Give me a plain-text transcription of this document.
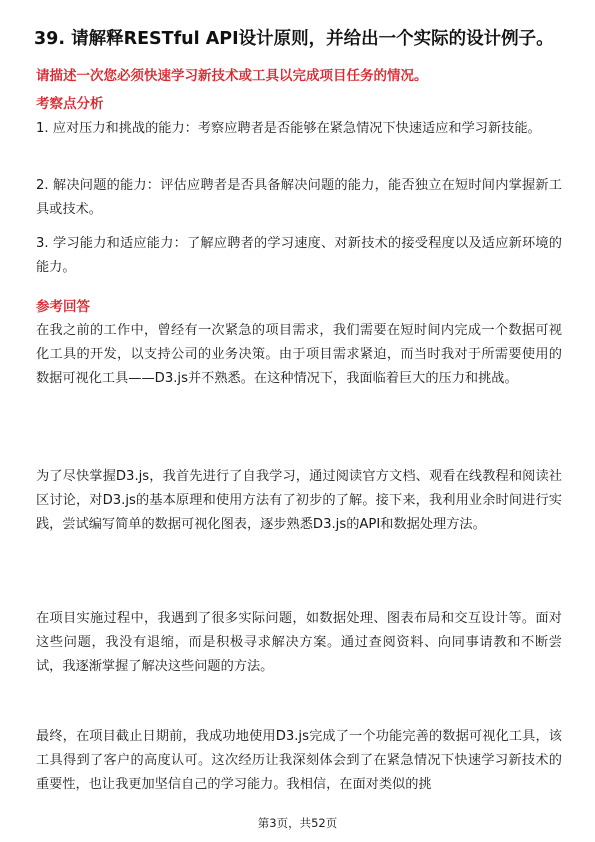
39. 请解释RESTful API设计原则，并给出一个实际的设计例子。
请描述一次您必须快速学习新技术或工具以完成项目任务的情况。
考察点分析
1. 应对压力和挑战的能力：考察应聘者是否能够在紧急情况下快速适应和学习新技能。
2. 解决问题的能力：评估应聘者是否具备解决问题的能力，能否独立在短时间内掌握新工具或技术。
3. 学习能力和适应能力：了解应聘者的学习速度、对新技术的接受程度以及适应新环境的能力。
参考回答
在我之前的工作中，曾经有一次紧急的项目需求，我们需要在短时间内完成一个数据可视化工具的开发，以支持公司的业务决策。由于项目需求紧迫，而当时我对于所需要使用的数据可视化工具——D3.js并不熟悉。在这种情况下，我面临着巨大的压力和挑战。
为了尽快掌握D3.js，我首先进行了自我学习，通过阅读官方文档、观看在线教程和阅读社区讨论，对D3.js的基本原理和使用方法有了初步的了解。接下来，我利用业余时间进行实践，尝试编写简单的数据可视化图表，逐步熟悉D3.js的API和数据处理方法。
在项目实施过程中，我遇到了很多实际问题，如数据处理、图表布局和交互设计等。面对这些问题，我没有退缩，而是积极寻求解决方案。通过查阅资料、向同事请教和不断尝试，我逐渐掌握了解决这些问题的方法。
最终，在项目截止日期前，我成功地使用D3.js完成了一个功能完善的数据可视化工具，该工具得到了客户的高度认可。这次经历让我深刻体会到了在紧急情况下快速学习新技术的重要性，也让我更加坚信自己的学习能力。我相信，在面对类似的挑
第3页，共52页
